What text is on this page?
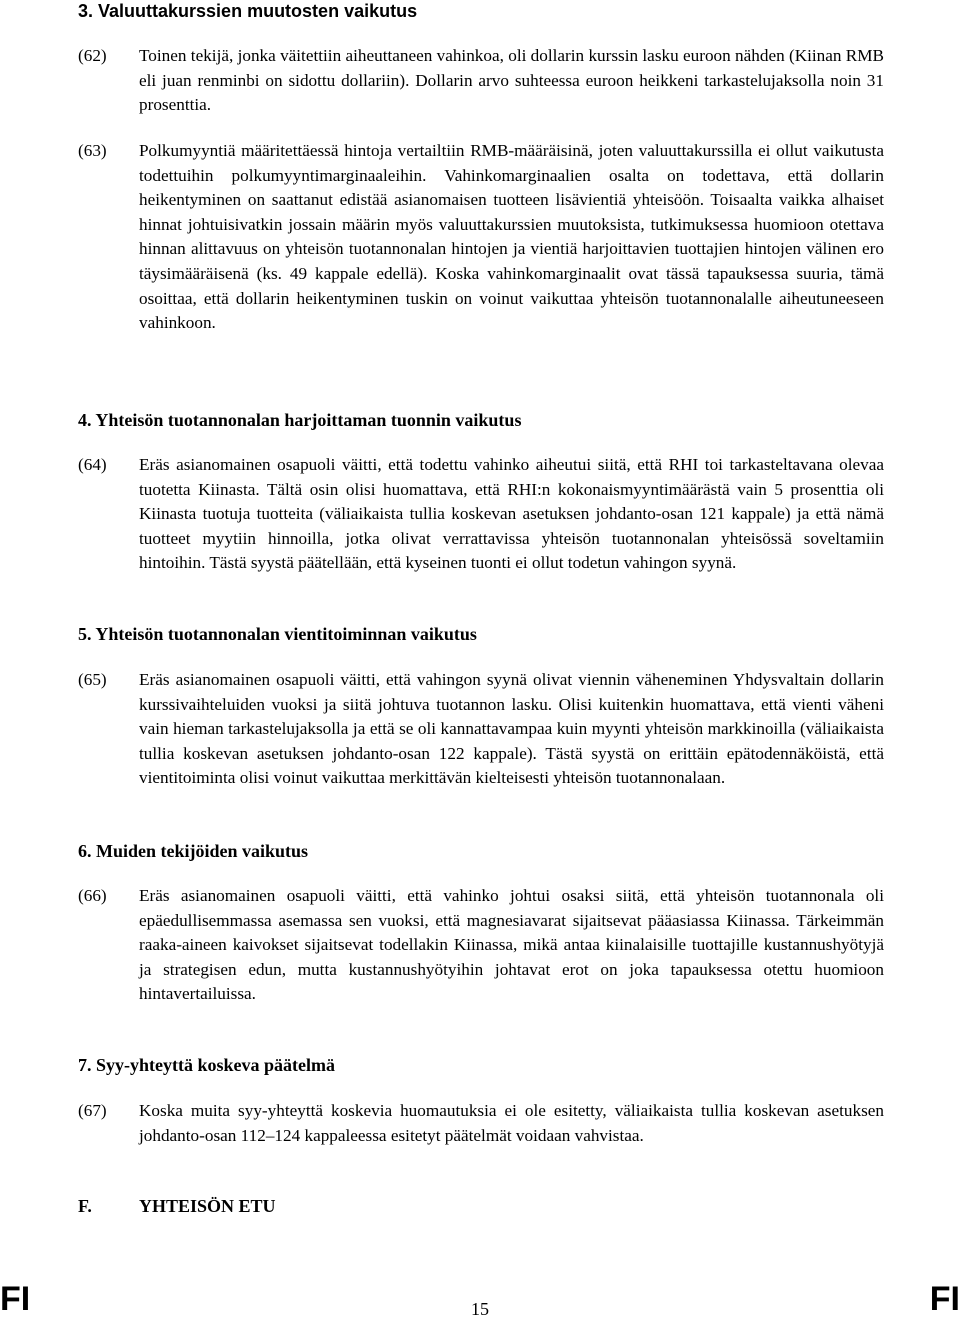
3. Valuuttakurssien muutosten vaikutus
(62) Toinen tekijä, jonka väitettiin aiheuttaneen vahinkoa, oli dollarin kurssin lasku euroon nähden (Kiinan RMB eli juan renminbi on sidottu dollariin). Dollarin arvo suhteessa euroon heikkeni tarkastelujaksolla noin 31 prosenttia.
(63) Polkumyyntiä määritettäessä hintoja vertailtiin RMB-määräisinä, joten valuuttakurssilla ei ollut vaikutusta todettuihin polkumyyntimarginaaleihin. Vahinkomarginaalien osalta on todettava, että dollarin heikentyminen on saattanut edistää asianomaisen tuotteen lisävientiä yhteisöön. Toisaalta vaikka alhaiset hinnat johtuisivatkin jossain määrin myös valuuttakurssien muutoksista, tutkimuksessa huomioon otettava hinnan alittavuus on yhteisön tuotannonalan hintojen ja vientiä harjoittavien tuottajien hintojen välinen ero täysimääräisenä (ks. 49 kappale edellä). Koska vahinkomarginaalit ovat tässä tapauksessa suuria, tämä osoittaa, että dollarin heikentyminen tuskin on voinut vaikuttaa yhteisön tuotannonalalle aiheutuneeseen vahinkoon.
4. Yhteisön tuotannonalan harjoittaman tuonnin vaikutus
(64) Eräs asianomainen osapuoli väitti, että todettu vahinko aiheutui siitä, että RHI toi tarkasteltavana olevaa tuotetta Kiinasta. Tältä osin olisi huomattava, että RHI:n kokonaismyyntimäärästä vain 5 prosenttia oli Kiinasta tuotuja tuotteita (väliaikaista tullia koskevan asetuksen johdanto-osan 121 kappale) ja että nämä tuotteet myytiin hinnoilla, jotka olivat verrattavissa yhteisön tuotannonalan yhteisössä soveltamiin hintoihin. Tästä syystä päätellään, että kyseinen tuonti ei ollut todetun vahingon syynä.
5. Yhteisön tuotannonalan vientitoiminnan vaikutus
(65) Eräs asianomainen osapuoli väitti, että vahingon syynä olivat viennin väheneminen Yhdysvaltain dollarin kurssivaihteluiden vuoksi ja siitä johtuva tuotannon lasku. Olisi kuitenkin huomattava, että vienti väheni vain hieman tarkastelujaksolla ja että se oli kannattavampaa kuin myynti yhteisön markkinoilla (väliaikaista tullia koskevan asetuksen johdanto-osan 122 kappale). Tästä syystä on erittäin epätodennäköistä, että vientitoiminta olisi voinut vaikuttaa merkittävän kielteisesti yhteisön tuotannonalaan.
6. Muiden tekijöiden vaikutus
(66) Eräs asianomainen osapuoli väitti, että vahinko johtui osaksi siitä, että yhteisön tuotannonala oli epäedullisemmassa asemassa sen vuoksi, että magnesiavarat sijaitsevat pääasiassa Kiinassa. Tärkeimmän raaka-aineen kaivokset sijaitsevat todellakin Kiinassa, mikä antaa kiinalaisille tuottajille kustannushyötyjä ja strategisen edun, mutta kustannushyötyihin johtavat erot on joka tapauksessa otettu huomioon hintavertailuissa.
7. Syy-yhteyttä koskeva päätelmä
(67) Koska muita syy-yhteyttä koskevia huomautuksia ei ole esitetty, väliaikaista tullia koskevan asetuksen johdanto-osan 112–124 kappaleessa esitetyt päätelmät voidaan vahvistaa.
F.	YHTEISÖN ETU
FI	15	FI
